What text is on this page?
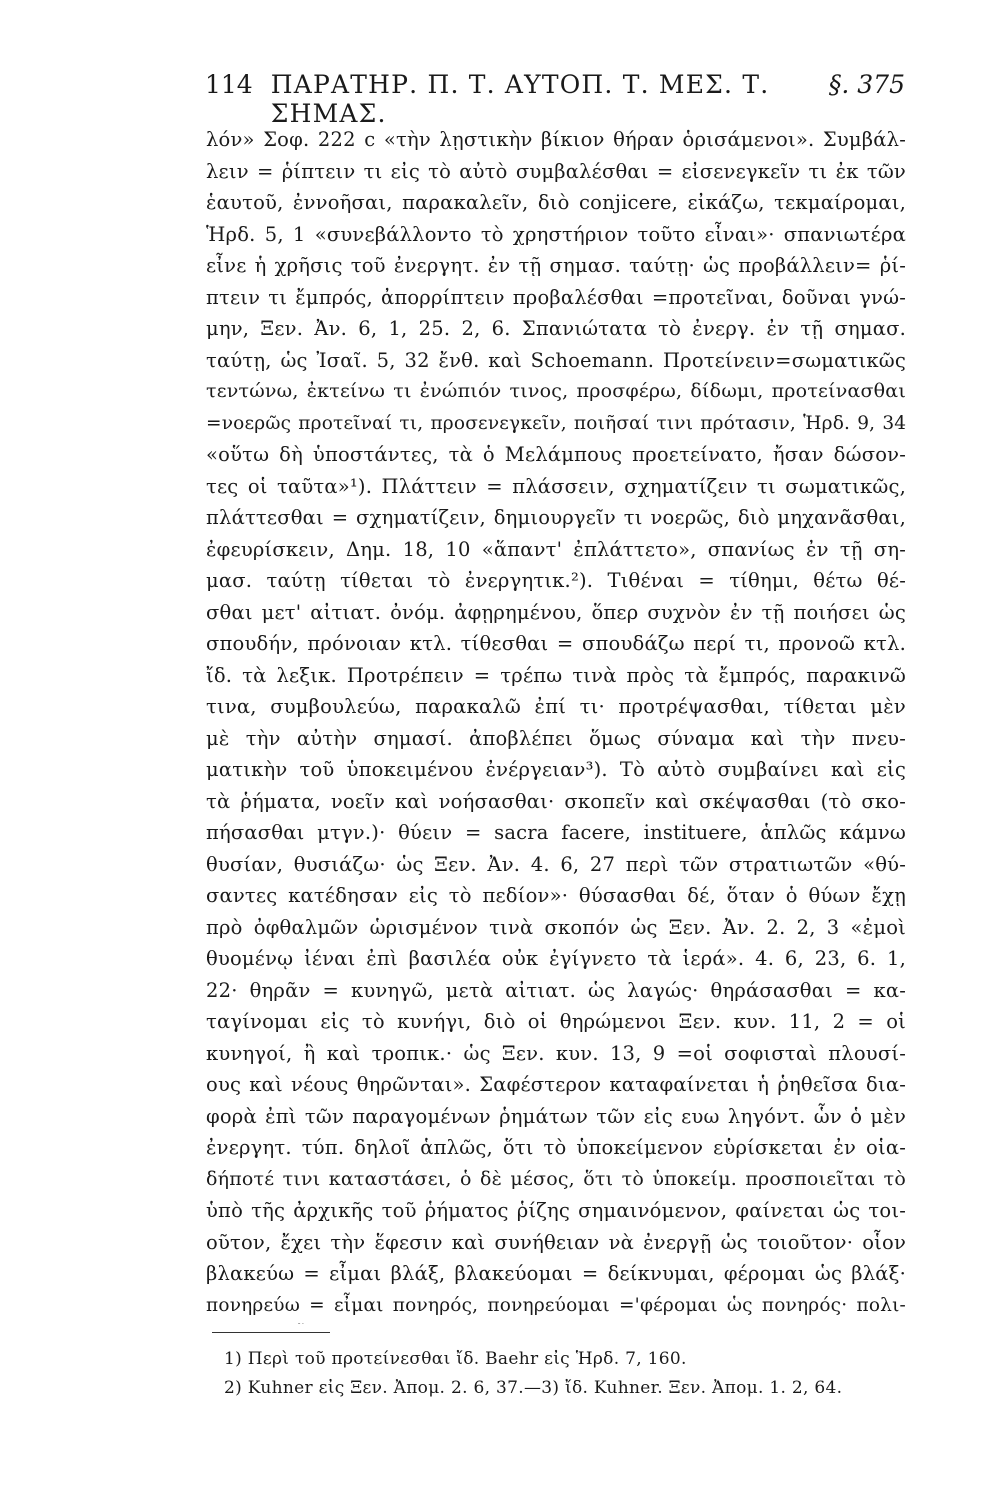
114 ΠΑΡΑΤΗΡ. Π. Τ. ΑΥΤΟΠ. Τ. ΜΕΣ. Τ. ΣΗΜΑΣ.
§. 375
λόν» Σοφ. 222 c «τὴν λῃστικὴν βίκιον θήραν ὁρισάμενοι». Συμβάλ-
λειν = ῥίπτειν τι εἰς τὸ αὐτὸ συμβαλέσθαι = εἰσενεγκεῖν τι ἐκ τῶν
ἑαυτοῦ, ἐννοῆσαι, παρακαλεῖν, διὸ conjicere, εἰκάζω, τεκμαίρομαι,
Ἡρδ. 5, 1 «συνεβάλλοντο τὸ χρηστήριον τοῦτο εἶναι»· σπανιωτέρα
εἶνε ἡ χρῆσις τοῦ ἐνεργητ. ἐν τῇ σημασ. ταύτῃ· ὡς προβάλλειν= ῥί-
πτειν τι ἔμπρός, ἀπορρίπτειν προβαλέσθαι =προτεῖναι, δοῦναι γνώ-
μην, Ξεν. Ἀν. 6, 1, 25. 2, 6. Σπανιώτατα τὸ ἐνεργ. ἐν τῇ σημασ.
ταύτῃ, ὡς Ἰσαῖ. 5, 32 ἔνθ. καὶ Schoemann. Προτείνειν=σωματικῶς
τεντώνω, ἐκτείνω τι ἐνώπιόν τινος, προσφέρω, δίδωμι, προτείνασθαι
=νοερῶς προτεῖναί τι, προσενεγκεῖν, ποιῆσαί τινι πρότασιν, Ἡρδ. 9, 34
«οὕτω δὴ ὑποστάντες, τὰ ὁ Μελάμπους προετείνατο, ἤσαν δώσον-
τες οἱ ταῦτα»¹). Πλάττειν = πλάσσειν, σχηματίζειν τι σωματικῶς,
πλάττεσθαι = σχηματίζειν, δημιουργεῖν τι νοερῶς, διὸ μηχανᾶσθαι,
ἐφευρίσκειν, Δημ. 18, 10 «ἅπαντ' ἐπλάττετο», σπανίως ἐν τῇ ση-
μασ. ταύτῃ τίθεται τὸ ἐνεργητικ.²). Τιθέναι = τίθημι, θέτω θέ-
σθαι μετ' αἰτιατ. ὀνόμ. ἀφῃρημένου, ὅπερ συχνὸν ἐν τῇ ποιήσει ὡς
σπουδήν, πρόνοιαν κτλ. τίθεσθαι = σπουδάζω περί τι, προνοῶ κτλ.
ἴδ. τὰ λεξικ. Προτρέπειν = τρέπω τινὰ πρὸς τὰ ἔμπρός, παρακινῶ
τινα, συμβουλεύω, παρακαλῶ ἐπί τι· προτρέψασθαι, τίθεται μὲν
μὲ τὴν αὐτὴν σημασί. ἀποβλέπει ὅμως σύναμα καὶ τὴν πνευ-
ματικὴν τοῦ ὑποκειμένου ἐνέργειαν³). Τὸ αὐτὸ συμβαίνει καὶ εἰς
τὰ ῥήματα, νοεῖν καὶ νοήσασθαι· σκοπεῖν καὶ σκέψασθαι (τὸ σκο-
πήσασθαι μτγν.)· θύειν = sacra facere, instituere, ἁπλῶς κάμνω
θυσίαν, θυσιάζω· ὡς Ξεν. Ἀν. 4. 6, 27 περὶ τῶν στρατιωτῶν «θύ-
σαντες κατέδησαν εἰς τὸ πεδίον»· θύσασθαι δέ, ὅταν ὁ θύων ἔχῃ
πρὸ ὀφθαλμῶν ὡρισμένον τινὰ σκοπόν ὡς Ξεν. Ἀν. 2. 2, 3 «ἐμοὶ
θυομένῳ ἰέναι ἐπὶ βασιλέα οὐκ ἐγίγνετο τὰ ἱερά». 4. 6, 23, 6. 1,
22· θηρᾶν = κυνηγῶ, μετὰ αἰτιατ. ὡς λαγώς· θηράσασθαι = κα-
ταγίνομαι εἰς τὸ κυνήγι, διὸ οἱ θηρώμενοι Ξεν. κυν. 11, 2 = οἱ
κυνηγοί, ἢ καὶ τροπικ.· ὡς Ξεν. κυν. 13, 9 =οἱ σοφισταὶ πλουσί-
ους καὶ νέους θηρῶνται». Σαφέστερον καταφαίνεται ἡ ῥηθεῖσα δια-
φορὰ ἐπὶ τῶν παραγομένων ῥημάτων τῶν εἰς ευω ληγόντ. ὧν ὁ μὲν
ἐνεργητ. τύπ. δηλοῖ ἁπλῶς, ὅτι τὸ ὑποκείμενον εὑρίσκεται ἐν οἱα-
δήποτέ τινι καταστάσει, ὁ δὲ μέσος, ὅτι τὸ ὑποκείμ. προσποιεῖται τὸ
ὑπὸ τῆς ἀρχικῆς τοῦ ῥήματος ῥίζης σημαινόμενον, φαίνεται ὡς τοι-
οῦτον, ἔχει τὴν ἕφεσιν καὶ συνήθειαν νὰ ἐνεργῇ ὡς τοιοῦτον· οἷον
βλακεύω = εἶμαι βλάξ, βλακεύομαι = δείκνυμαι, φέρομαι ὡς βλάξ·
πονηρεύω = εἶμαι πονηρός, πονηρεύομαι ='φέρομαι ὡς πονηρός· πολι-
1) Περὶ τοῦ προτείνεσθαι ἴδ. Baehr εἰς Ἡρδ. 7, 160.
2) Kuhner εἰς Ξεν. Ἀπομ. 2. 6, 37.—3) ἴδ. Kuhner. Ξεν. Ἀπομ. 1. 2, 64.
